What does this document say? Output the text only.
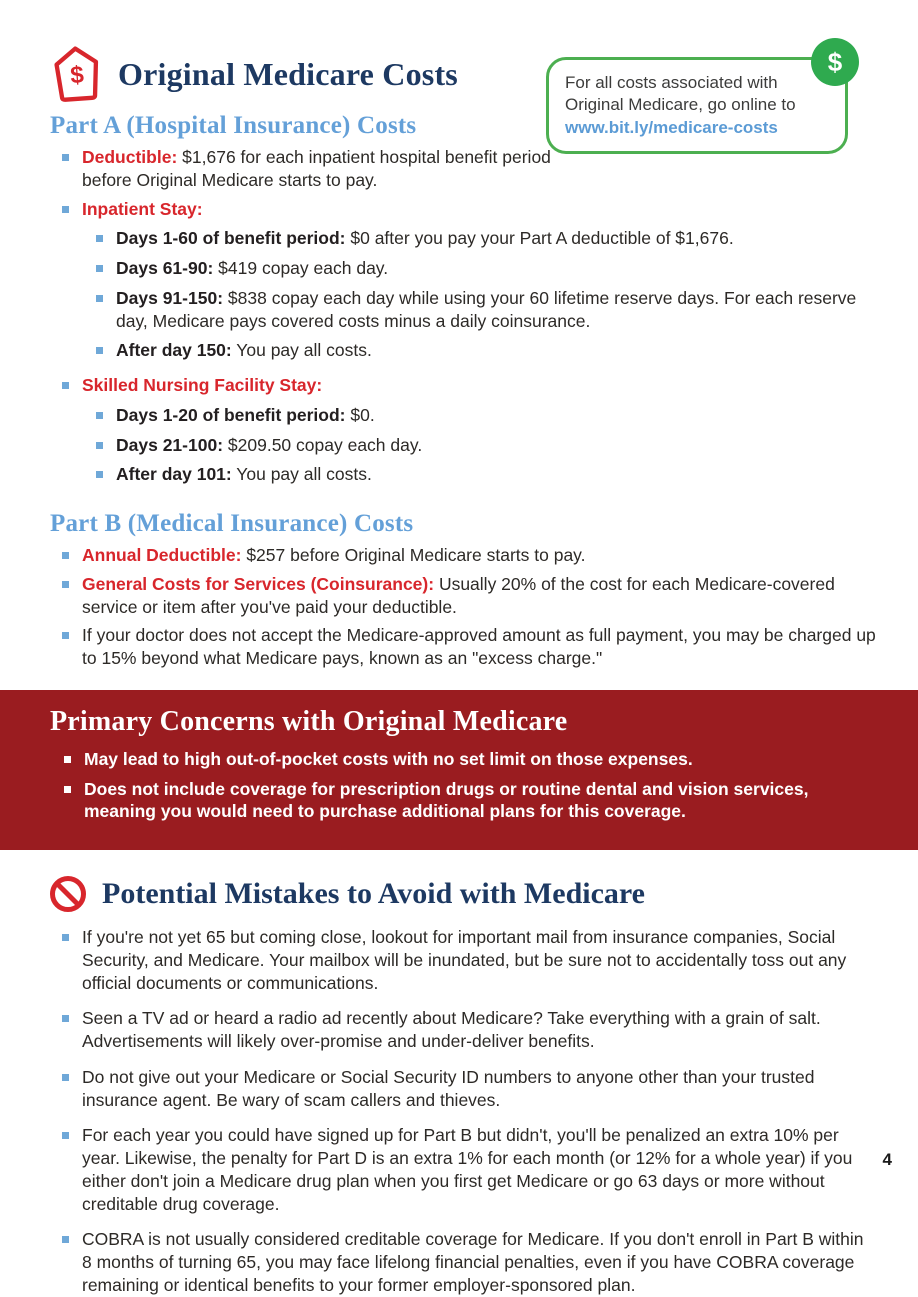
$ Original Medicare Costs	$
For all costs associated with Original Medicare, go online to www.bit.ly/medicare-costs
Part A (Hospital Insurance) Costs
Deductible: $1,676 for each inpatient hospital benefit period before Original Medicare starts to pay.
Inpatient Stay:
Days 1-60 of benefit period: $0 after you pay your Part A deductible of $1,676.
Days 61-90: $419 copay each day.
Days 91-150: $838 copay each day while using your 60 lifetime reserve days. For each reserve day, Medicare pays covered costs minus a daily coinsurance.
After day 150: You pay all costs.
Skilled Nursing Facility Stay:
Days 1-20 of benefit period: $0.
Days 21-100: $209.50 copay each day.
After day 101: You pay all costs.
Part B (Medical Insurance) Costs
Annual Deductible: $257 before Original Medicare starts to pay.
General Costs for Services (Coinsurance): Usually 20% of the cost for each Medicare-covered service or item after you've paid your deductible.
If your doctor does not accept the Medicare-approved amount as full payment, you may be charged up to 15% beyond what Medicare pays, known as an "excess charge."
Primary Concerns with Original Medicare
May lead to high out-of-pocket costs with no set limit on those expenses.
Does not include coverage for prescription drugs or routine dental and vision services, meaning you would need to purchase additional plans for this coverage.
Potential Mistakes to Avoid with Medicare
If you're not yet 65 but coming close, lookout for important mail from insurance companies, Social Security, and Medicare. Your mailbox will be inundated, but be sure not to accidentally toss out any official documents or communications.
Seen a TV ad or heard a radio ad recently about Medicare? Take everything with a grain of salt. Advertisements will likely over-promise and under-deliver benefits.
Do not give out your Medicare or Social Security ID numbers to anyone other than your trusted insurance agent. Be wary of scam callers and thieves.
For each year you could have signed up for Part B but didn't, you'll be penalized an extra 10% per year. Likewise, the penalty for Part D is an extra 1% for each month (or 12% for a whole year) if you either don't join a Medicare drug plan when you first get Medicare or go 63 days or more without creditable drug coverage.
COBRA is not usually considered creditable coverage for Medicare. If you don't enroll in Part B within 8 months of turning 65, you may face lifelong financial penalties, even if you have COBRA coverage remaining or identical benefits to your former employer-sponsored plan.
4
